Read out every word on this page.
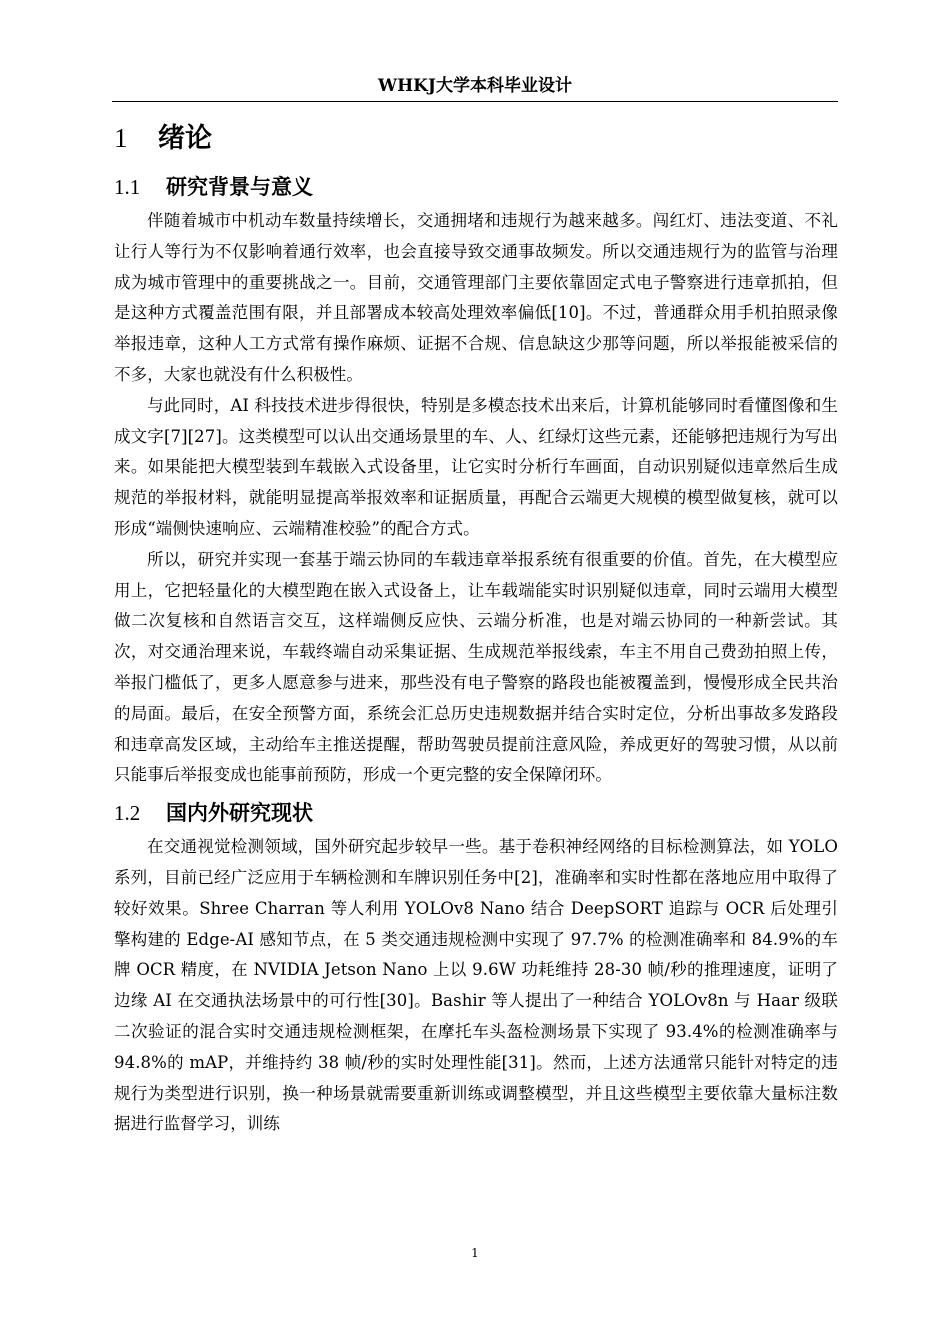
WHKJ大学本科毕业设计
1 绪论
1.1 研究背景与意义

伴随着城市中机动车数量持续增长，交通拥堵和违规行为越来越多。闯红灯、违法变道、不礼让行人等行为不仅影响着通行效率，也会直接导致交通事故频发。所以交通违规行为的监管与治理成为城市管理中的重要挑战之一。目前，交通管理部门主要依靠固定式电子警察进行违章抓拍，但是这种方式覆盖范围有限，并且部署成本较高处理效率偏低[10]。不过，普通群众用手机拍照录像举报违章，这种人工方式常有操作麻烦、证据不合规、信息缺这少那等问题，所以举报能被采信的不多，大家也就没有什么积极性。

与此同时，AI 科技技术进步得很快，特别是多模态技术出来后，计算机能够同时看懂图像和生成文字[7][27]。这类模型可以认出交通场景里的车、人、红绿灯这些元素，还能够把违规行为写出来。如果能把大模型装到车载嵌入式设备里，让它实时分析行车画面，自动识别疑似违章然后生成规范的举报材料，就能明显提高举报效率和证据质量，再配合云端更大规模的模型做复核，就可以形成“端侧快速响应、云端精准校验”的配合方式。

所以，研究并实现一套基于端云协同的车载违章举报系统有很重要的价值。首先，在大模型应用上，它把轻量化的大模型跑在嵌入式设备上，让车载端能实时识别疑似违章，同时云端用大模型做二次复核和自然语言交互，这样端侧反应快、云端分析准，也是对端云协同的一种新尝试。其次，对交通治理来说，车载终端自动采集证据、生成规范举报线索，车主不用自己费劲拍照上传，举报门槛低了，更多人愿意参与进来，那些没有电子警察的路段也能被覆盖到，慢慢形成全民共治的局面。最后，在安全预警方面，系统会汇总历史违规数据并结合实时定位，分析出事故多发路段和违章高发区域，主动给车主推送提醒，帮助驾驶员提前注意风险，养成更好的驾驶习惯，从以前只能事后举报变成也能事前预防，形成一个更完整的安全保障闭环。

1.2 国内外研究现状

在交通视觉检测领域，国外研究起步较早一些。基于卷积神经网络的目标检测算法，如 YOLO 系列，目前已经广泛应用于车辆检测和车牌识别任务中[2]，准确率和实时性都在落地应用中取得了较好效果。Shree Charran 等人利用 YOLOv8 Nano 结合 DeepSORT 追踪与 OCR 后处理引擎构建的 Edge-AI 感知节点，在 5 类交通违规检测中实现了 97.7% 的检测准确率和 84.9%的车牌 OCR 精度，在 NVIDIA Jetson Nano 上以 9.6W 功耗维持 28-30 帧/秒的推理速度，证明了边缘 AI 在交通执法场景中的可行性[30]。Bashir 等人提出了一种结合 YOLOv8n 与 Haar 级联二次验证的混合实时交通违规检测框架，在摩托车头盔检测场景下实现了 93.4%的检测准确率与 94.8%的 mAP，并维持约 38 帧/秒的实时处理性能[31]。然而，上述方法通常只能针对特定的违规行为类型进行识别，换一种场景就需要重新训练或调整模型，并且这些模型主要依靠大量标注数据进行监督学习，训练

1
